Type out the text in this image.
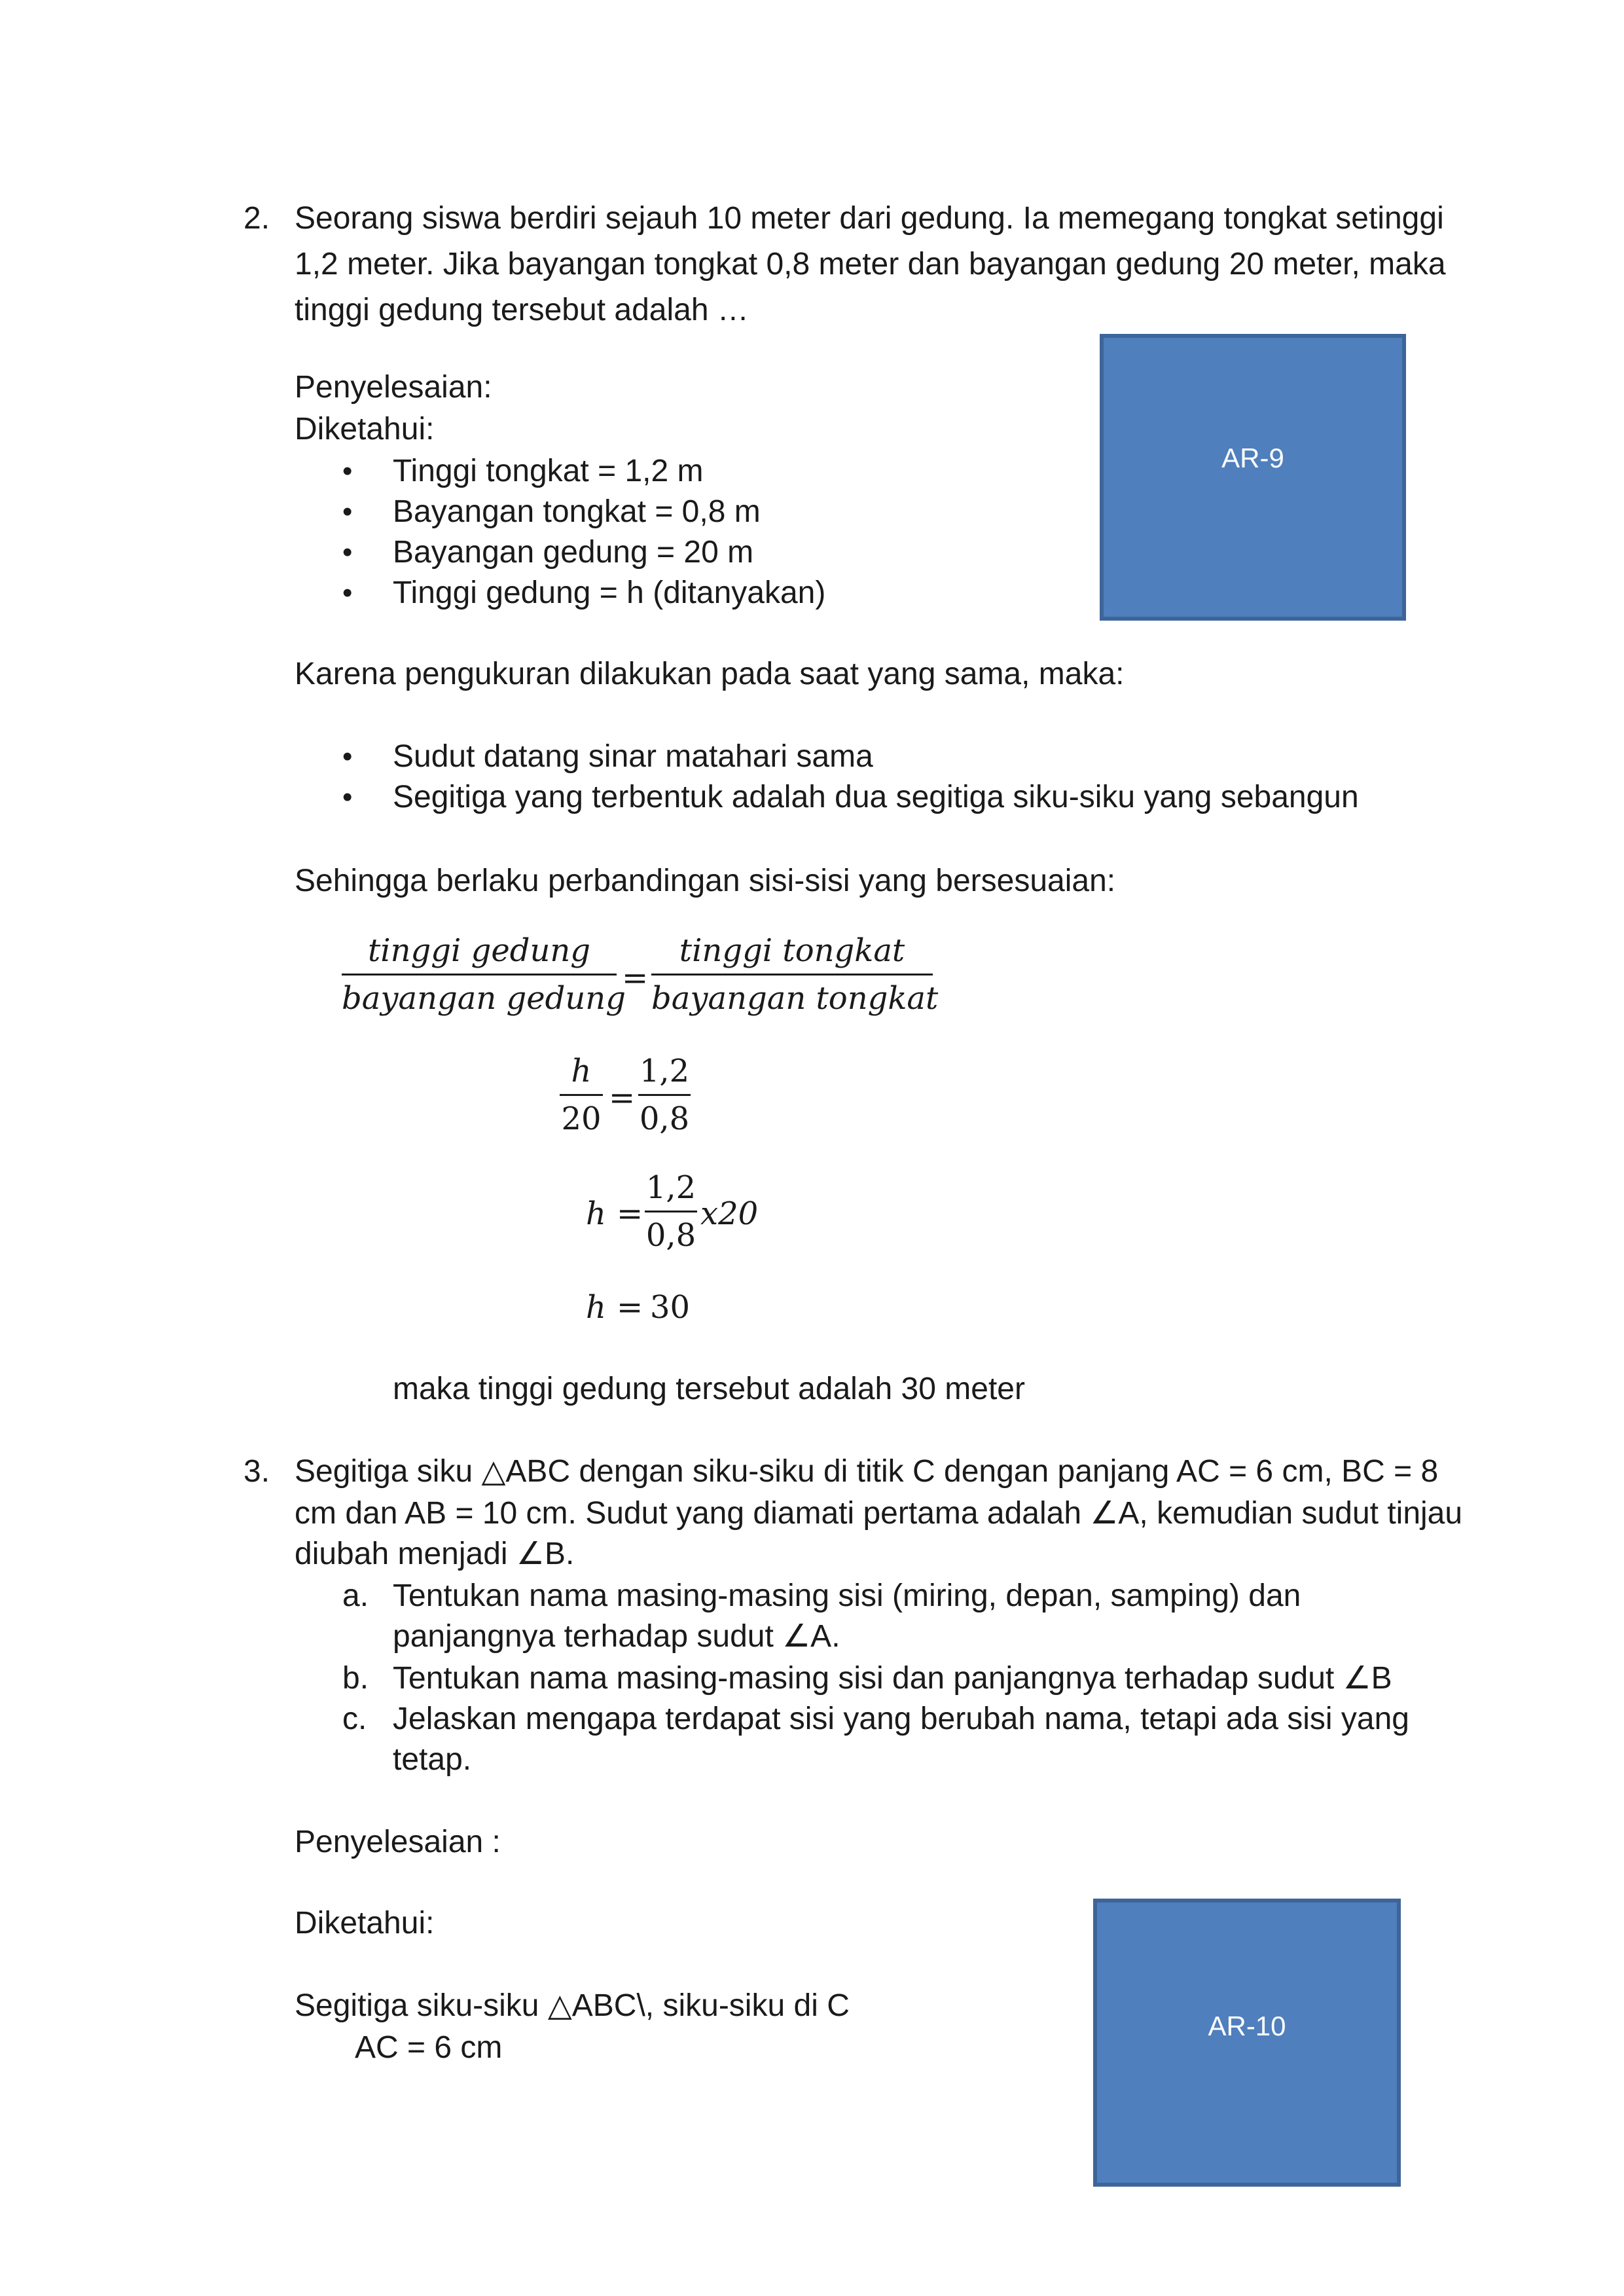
2. Seorang siswa berdiri sejauh 10 meter dari gedung. Ia memegang tongkat setinggi
1,2 meter. Jika bayangan tongkat 0,8 meter dan bayangan gedung 20 meter, maka
tinggi gedung tersebut adalah …
Penyelesaian:
Diketahui:
• Tinggi tongkat = 1,2 m
• Bayangan tongkat = 0,8 m
• Bayangan gedung = 20 m
• Tinggi gedung = h (ditanyakan)
AR-9
Karena pengukuran dilakukan pada saat yang sama, maka:
• Sudut datang sinar matahari sama
• Segitiga yang terbentuk adalah dua segitiga siku-siku yang sebangun
Sehingga berlaku perbandingan sisi-sisi yang bersesuaian:
tinggi gedung
bayangan gedung
=
tinggi tongkat
bayangan tongkat
h
20
=
1,2
0,8
h =
1,2
0,8
x20
h = 30
maka tinggi gedung tersebut adalah 30 meter
3. Segitiga siku △ABC dengan siku-siku di titik C dengan panjang AC = 6 cm, BC = 8
cm dan AB = 10 cm. Sudut yang diamati pertama adalah ∠A, kemudian sudut tinjau
diubah menjadi ∠B.
a. Tentukan nama masing-masing sisi (miring, depan, samping) dan
panjangnya terhadap sudut ∠A.
b. Tentukan nama masing-masing sisi dan panjangnya terhadap sudut ∠B
c. Jelaskan mengapa terdapat sisi yang berubah nama, tetapi ada sisi yang
tetap.
Penyelesaian :
Diketahui:
Segitiga siku-siku △ABC\, siku-siku di C
AC = 6 cm
AR-10
